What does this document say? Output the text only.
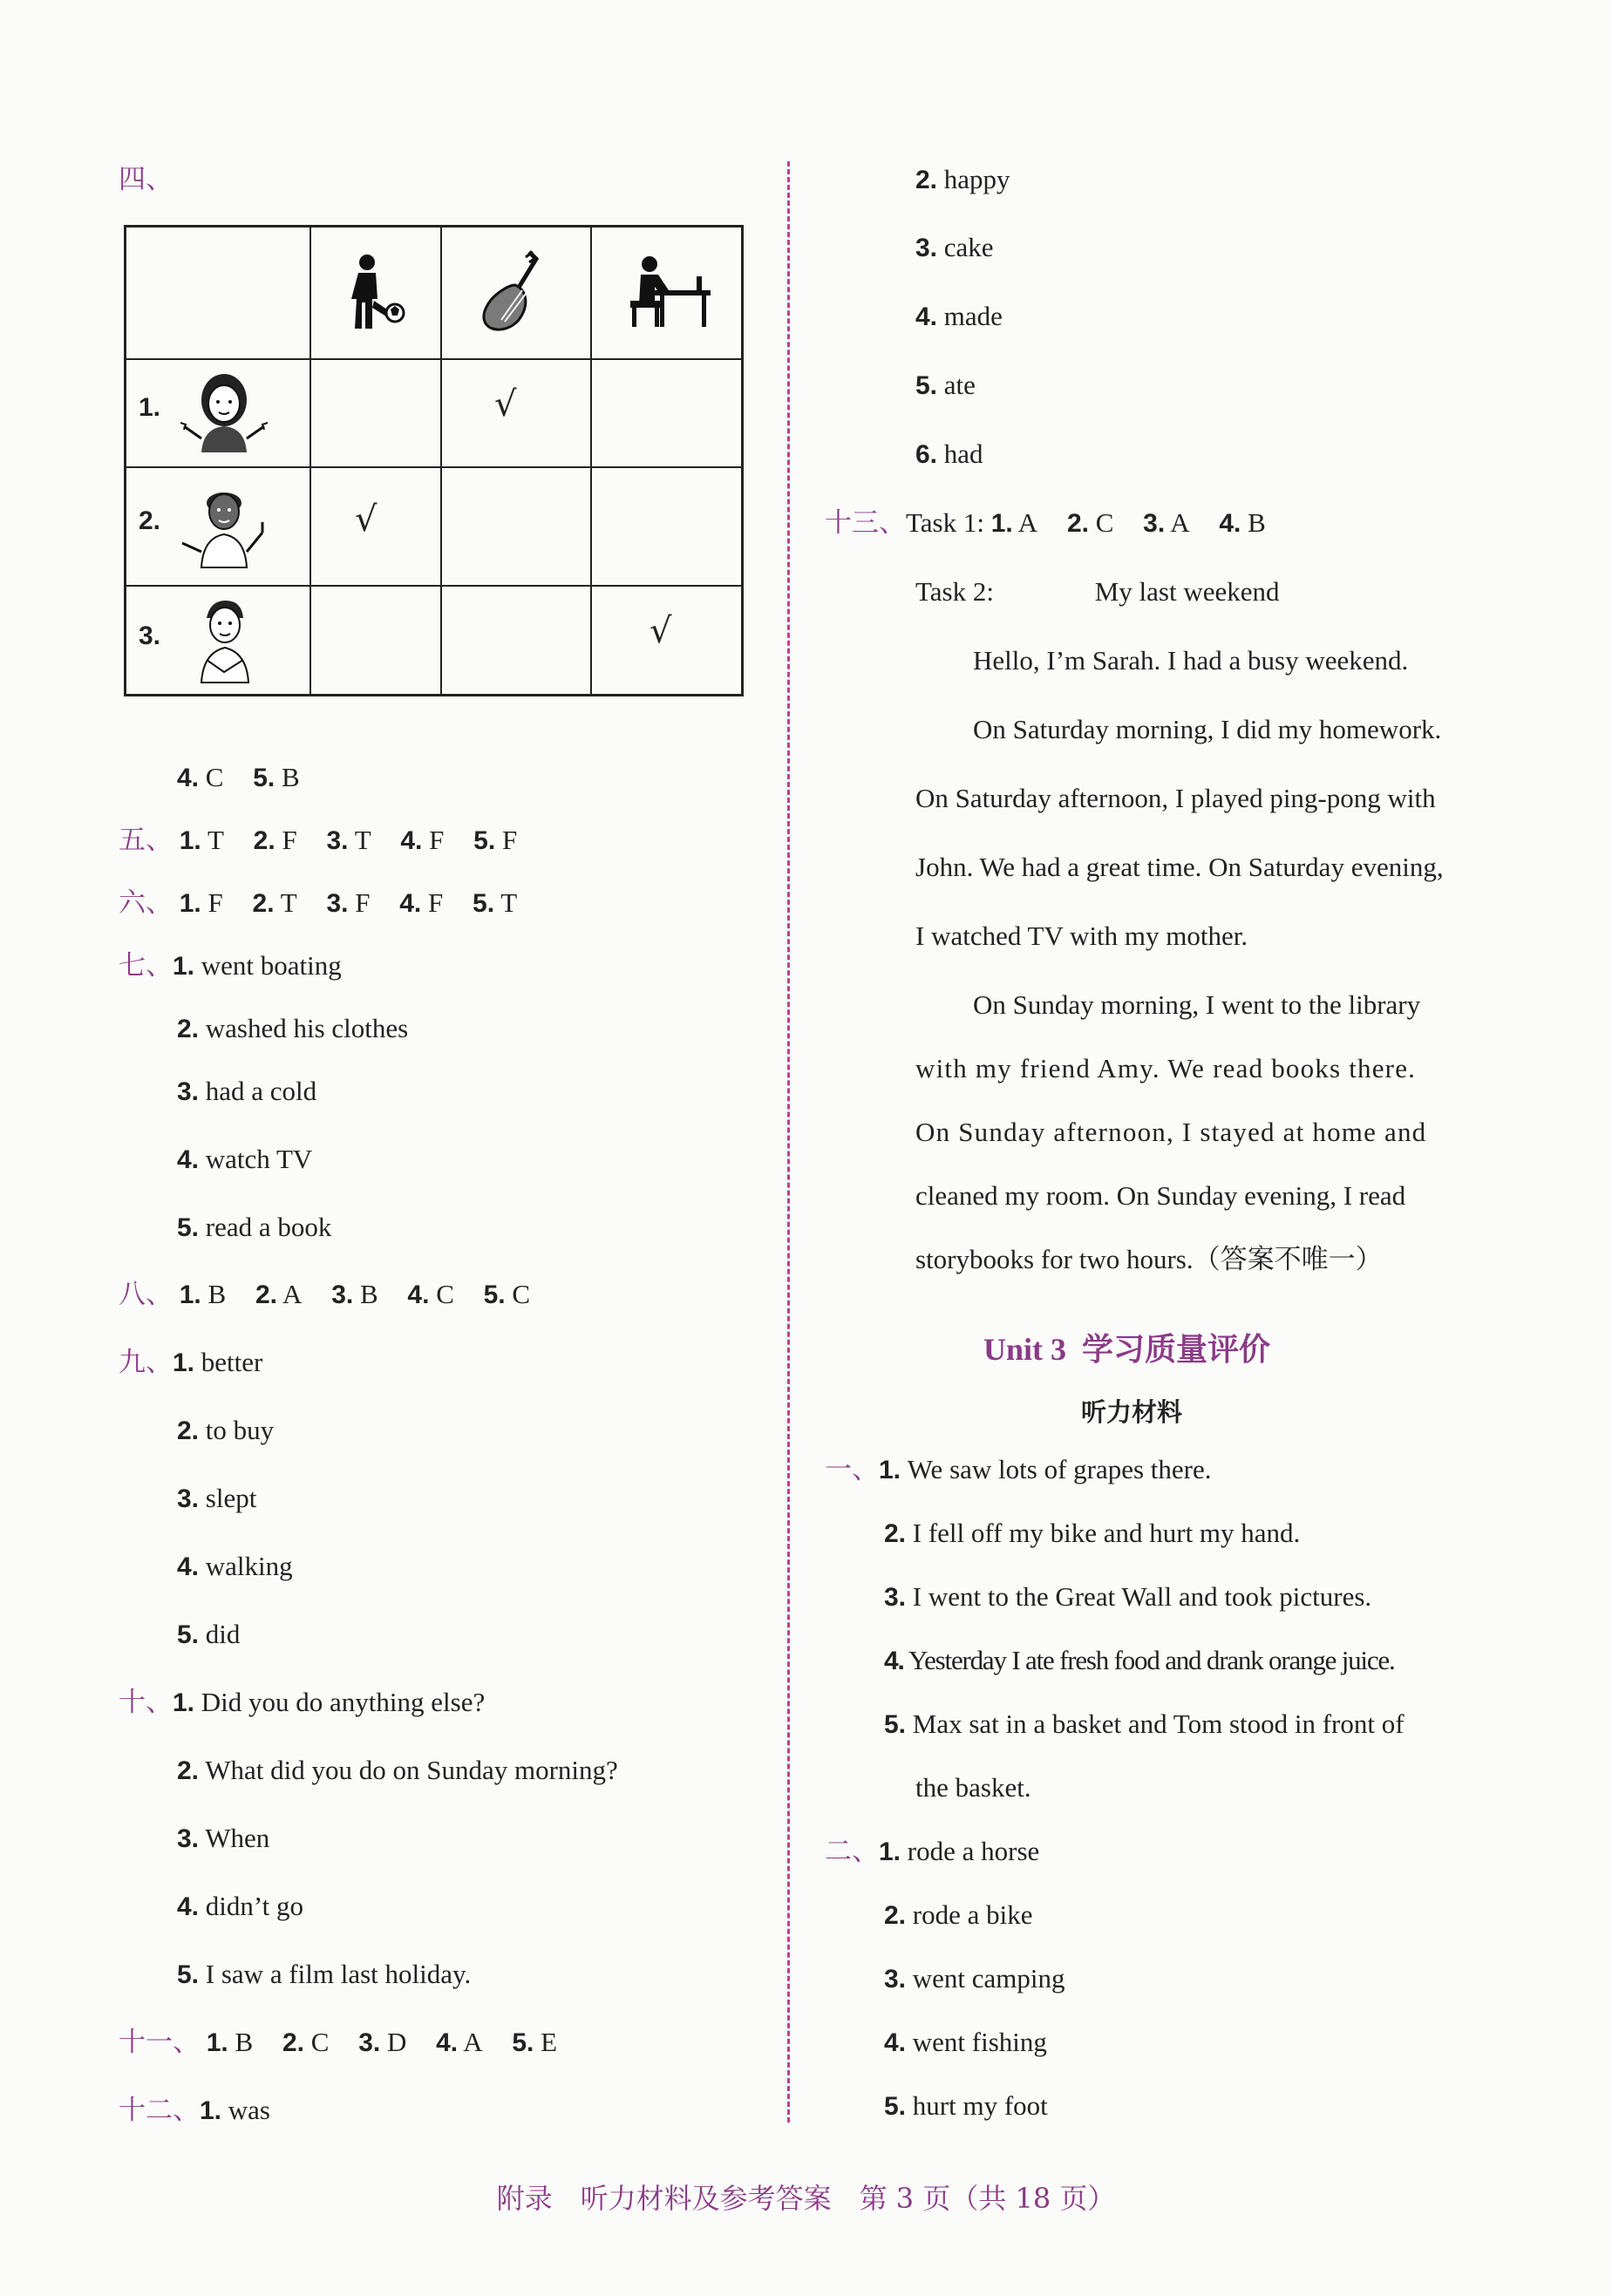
四、
1.
2.
3.
√
√
√
4. C 5. B
五、 1. T 2. F 3. T 4. F 5. F
六、 1. F 2. T 3. F 4. F 5. T
七、1. went boating
2. washed his clothes
3. had a cold
4. watch TV
5. read a book
八、 1. B 2. A 3. B 4. C 5. C
九、1. better
2. to buy
3. slept
4. walking
5. did
十、1. Did you do anything else?
2. What did you do on Sunday morning?
3. When
4. didn’t go
5. I saw a film last holiday.
十一、 1. B 2. C 3. D 4. A 5. E
十二、1. was
2. happy
3. cake
4. made
5. ate
6. had
十三、Task 1: 1. A 2. C 3. A 4. B
Task 2:	My last weekend
Hello, I’m Sarah. I had a busy weekend.
On Saturday morning, I did my homework.
On Saturday afternoon, I played ping-pong with
John. We had a great time. On Saturday evening,
I watched TV with my mother.
On Sunday morning, I went to the library
with my friend Amy. We read books there.
On Sunday afternoon, I stayed at home and
cleaned my room. On Sunday evening, I read
storybooks for two hours.（答案不唯一）
Unit 3 学习质量评价
听力材料
一、1. We saw lots of grapes there.
2. I fell off my bike and hurt my hand.
3. I went to the Great Wall and took pictures.
4. Yesterday I ate fresh food and drank orange juice.
5. Max sat in a basket and Tom stood in front of
the basket.
二、1. rode a horse
2. rode a bike
3. went camping
4. went fishing
5. hurt my foot
附录　听力材料及参考答案　第 3 页（共 18 页）
